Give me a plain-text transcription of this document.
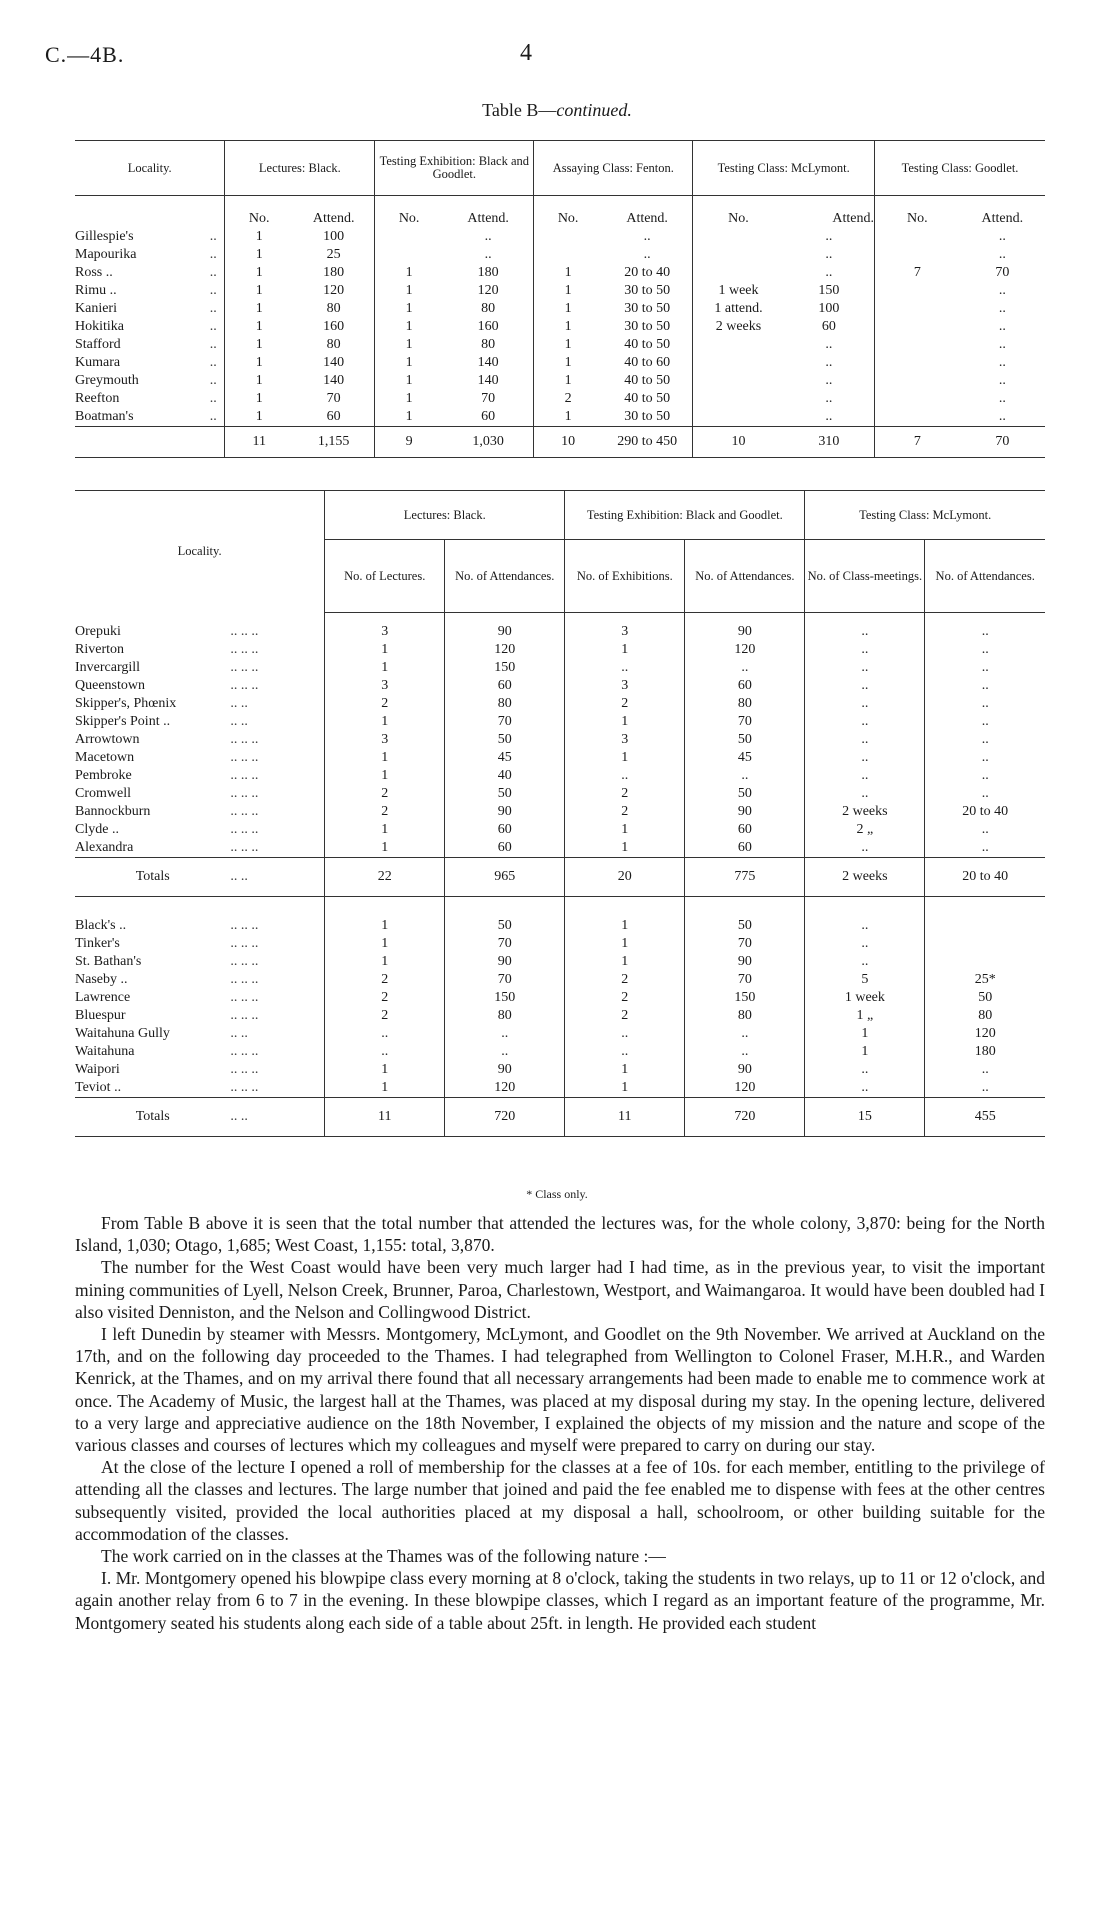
C.—4B.	4
Table B—continued.
Locality.		Lectures: Black.		Testing Exhibition: Black and Goodlet.		Assaying Class: Fenton.		Testing Class: McLymont.		Testing Class: Goodlet.	
		No.	Attend.	No.	Attend.	No.	Attend.	No.	Attend.	No.	Attend.
Gillespie's	..	1	100		..		..		..		..
Mapourika	..	1	25		..		..		..		..
Ross ..	..	1	180	1	180	1	20 to 40		..	7	70
Rimu ..	..	1	120	1	120	1	30 to 50	1 week	150		..
Kanieri	..	1	80	1	80	1	30 to 50	1 attend.	100		..
Hokitika	..	1	160	1	160	1	30 to 50	2 weeks	60		..
Stafford	..	1	80	1	80	1	40 to 50		..		..
Kumara	..	1	140	1	140	1	40 to 60		..		..
Greymouth	..	1	140	1	140	1	40 to 50		..		..
Reefton	..	1	70	1	70	2	40 to 50		..		..
Boatman's	..	1	60	1	60	1	30 to 50		..		..
		11	1,155	9	1,030	10	290 to 450	10	310	7	70
Locality.		Lectures: Black.		Testing Exhibition: Black and Goodlet.		Testing Class: McLymont.	
		No. of Lectures.	No. of Attendances.	No. of Exhibitions.	No. of Attendances.	No. of Class-meetings.	No. of Attendances.
Orepuki	.. .. ..	3	90	3	90	..	..
Riverton	.. .. ..	1	120	1	120	..	..
Invercargill	.. .. ..	1	150	..	..	..	..
Queenstown	.. .. ..	3	60	3	60	..	..
Skipper's, Phœnix	.. ..	2	80	2	80	..	..
Skipper's Point ..	.. ..	1	70	1	70	..	..
Arrowtown	.. .. ..	3	50	3	50	..	..
Macetown	.. .. ..	1	45	1	45	..	..
Pembroke	.. .. ..	1	40	..	..	..	..
Cromwell	.. .. ..	2	50	2	50	..	..
Bannockburn	.. .. ..	2	90	2	90	2 weeks	20 to 40
Clyde ..	.. .. ..	1	60	1	60	2 „	..
Alexandra	.. .. ..	1	60	1	60	..	..
Totals	.. ..	22	965	20	775	2 weeks	20 to 40

Black's ..	.. .. ..	1	50	1	50	..	
Tinker's	.. .. ..	1	70	1	70	..	
St. Bathan's	.. .. ..	1	90	1	90	..	
Naseby ..	.. .. ..	2	70	2	70	5	25*
Lawrence	.. .. ..	2	150	2	150	1 week	50
Bluespur	.. .. ..	2	80	2	80	1 „	80
Waitahuna Gully	.. ..	..	..	..	..	1	120
Waitahuna	.. .. ..	..	..	..	..	1	180
Waipori	.. .. ..	1	90	1	90	..	..
Teviot ..	.. .. ..	1	120	1	120	..	..
Totals	.. ..	11	720	11	720	15	455
* Class only.

From Table B above it is seen that the total number that attended the lectures was, for the whole colony, 3,870: being for the North Island, 1,030; Otago, 1,685; West Coast, 1,155: total, 3,870.

The number for the West Coast would have been very much larger had I had time, as in the previous year, to visit the important mining communities of Lyell, Nelson Creek, Brunner, Paroa, Charlestown, Westport, and Waimangaroa. It would have been doubled had I also visited Denniston, and the Nelson and Collingwood District.

I left Dunedin by steamer with Messrs. Montgomery, McLymont, and Goodlet on the 9th November. We arrived at Auckland on the 17th, and on the following day proceeded to the Thames. I had telegraphed from Wellington to Colonel Fraser, M.H.R., and Warden Kenrick, at the Thames, and on my arrival there found that all necessary arrangements had been made to enable me to commence work at once. The Academy of Music, the largest hall at the Thames, was placed at my disposal during my stay. In the opening lecture, delivered to a very large and appreciative audience on the 18th November, I explained the objects of my mission and the nature and scope of the various classes and courses of lectures which my colleagues and myself were prepared to carry on during our stay.

At the close of the lecture I opened a roll of membership for the classes at a fee of 10s. for each member, entitling to the privilege of attending all the classes and lectures. The large number that joined and paid the fee enabled me to dispense with fees at the other centres subsequently visited, provided the local authorities placed at my disposal a hall, schoolroom, or other building suitable for the accommodation of the classes.

The work carried on in the classes at the Thames was of the following nature :—

I. Mr. Montgomery opened his blowpipe class every morning at 8 o'clock, taking the students in two relays, up to 11 or 12 o'clock, and again another relay from 6 to 7 in the evening. In these blowpipe classes, which I regard as an important feature of the programme, Mr. Montgomery seated his students along each side of a table about 25ft. in length. He provided each student
